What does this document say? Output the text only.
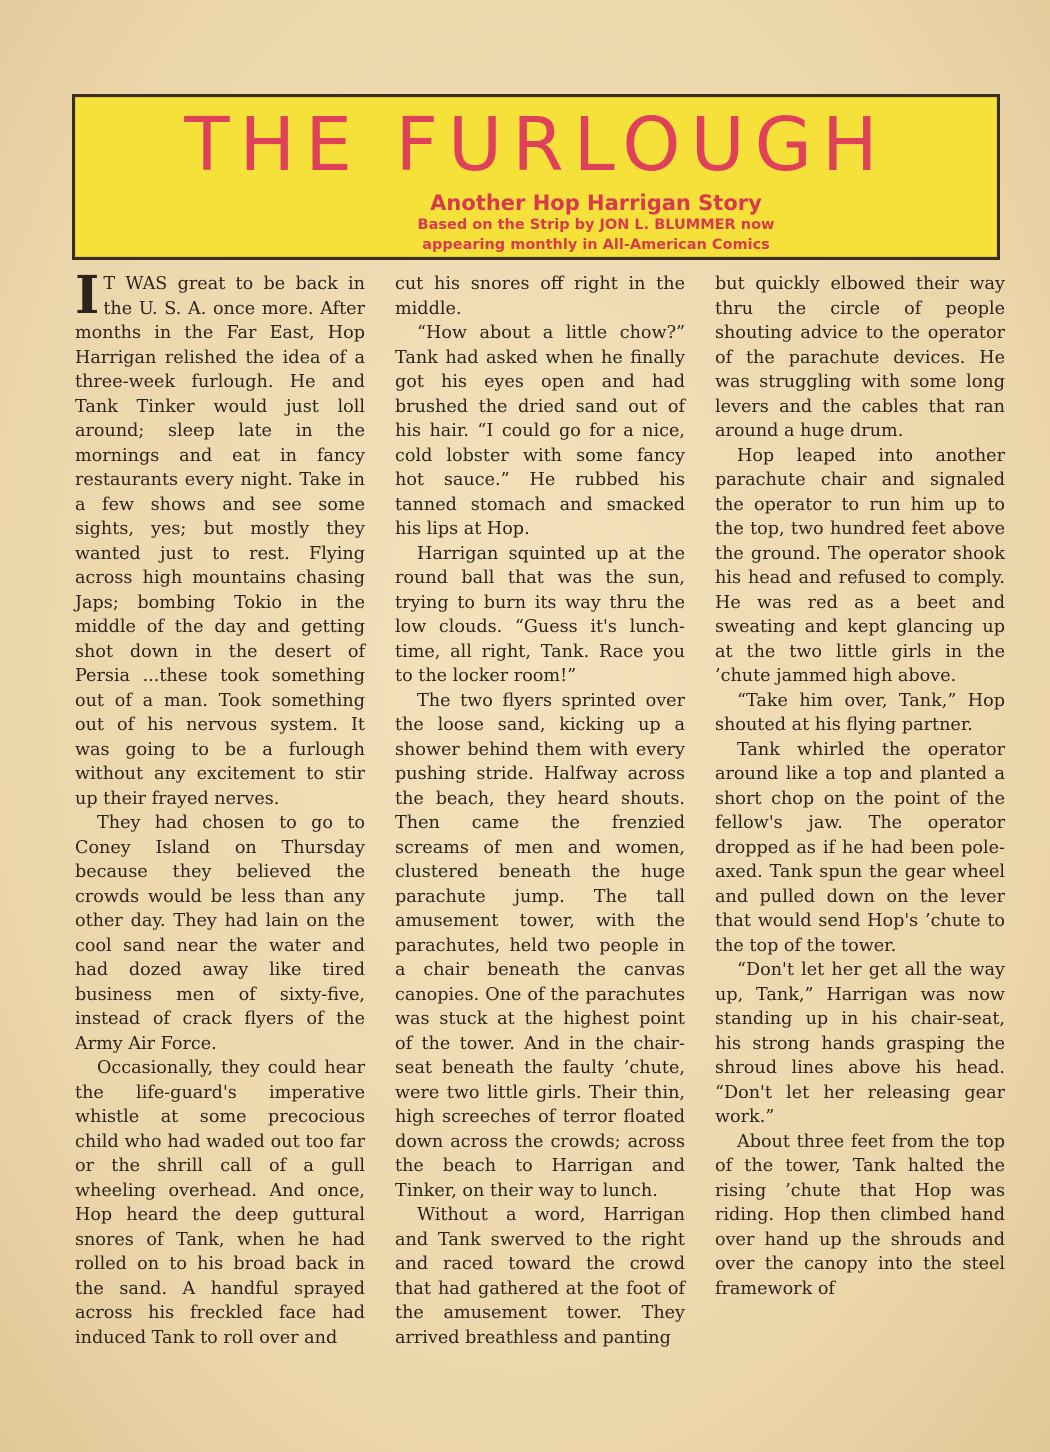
THE FURLOUGH
Another Hop Harrigan Story
Based on the Strip by JON L. BLUMMER now
appearing monthly in All-American Comics

I T WAS great to be back in the U. S. A. once more. After months in the Far East, Hop Harrigan relished the idea of a three-week furlough. He and Tank Tinker would just loll around; sleep late in the mornings and eat in fancy restaurants every night. Take in a few shows and see some sights, yes; but mostly they wanted just to rest. Flying across high mountains chasing Japs; bombing Tokio in the middle of the day and getting shot down in the desert of Persia ...these took something out of a man. Took something out of his nervous system. It was going to be a furlough without any excitement to stir up their frayed nerves.

They had chosen to go to Coney Island on Thursday because they believed the crowds would be less than any other day. They had lain on the cool sand near the water and had dozed away like tired business men of sixty-five, instead of crack flyers of the Army Air Force.

Occasionally, they could hear the life-guard's imperative whistle at some precocious child who had waded out too far or the shrill call of a gull wheeling overhead. And once, Hop heard the deep guttural snores of Tank, when he had rolled on to his broad back in the sand. A handful sprayed across his freckled face had induced Tank to roll over and

cut his snores off right in the middle.

“How about a little chow?” Tank had asked when he finally got his eyes open and had brushed the dried sand out of his hair. “I could go for a nice, cold lobster with some fancy hot sauce.” He rubbed his tanned stomach and smacked his lips at Hop.

Harrigan squinted up at the round ball that was the sun, trying to burn its way thru the low clouds. “Guess it's lunch-time, all right, Tank. Race you to the locker room!”

The two flyers sprinted over the loose sand, kicking up a shower behind them with every pushing stride. Halfway across the beach, they heard shouts. Then came the frenzied screams of men and women, clustered beneath the huge parachute jump. The tall amusement tower, with the parachutes, held two people in a chair beneath the canvas canopies. One of the parachutes was stuck at the highest point of the tower. And in the chair-seat beneath the faulty ’chute, were two little girls. Their thin, high screeches of terror floated down across the crowds; across the beach to Harrigan and Tinker, on their way to lunch.

Without a word, Harrigan and Tank swerved to the right and raced toward the crowd that had gathered at the foot of the amusement tower. They arrived breathless and panting

but quickly elbowed their way thru the circle of people shouting advice to the operator of the parachute devices. He was struggling with some long levers and the cables that ran around a huge drum.

Hop leaped into another parachute chair and signaled the operator to run him up to the top, two hundred feet above the ground. The operator shook his head and refused to comply. He was red as a beet and sweating and kept glancing up at the two little girls in the ’chute jammed high above.

“Take him over, Tank,” Hop shouted at his flying partner.

Tank whirled the operator around like a top and planted a short chop on the point of the fellow's jaw. The operator dropped as if he had been pole-axed. Tank spun the gear wheel and pulled down on the lever that would send Hop's ’chute to the top of the tower.

“Don't let her get all the way up, Tank,” Harrigan was now standing up in his chair-seat, his strong hands grasping the shroud lines above his head. “Don't let her releasing gear work.”

About three feet from the top of the tower, Tank halted the rising ’chute that Hop was riding. Hop then climbed hand over hand up the shrouds and over the canopy into the steel framework of
